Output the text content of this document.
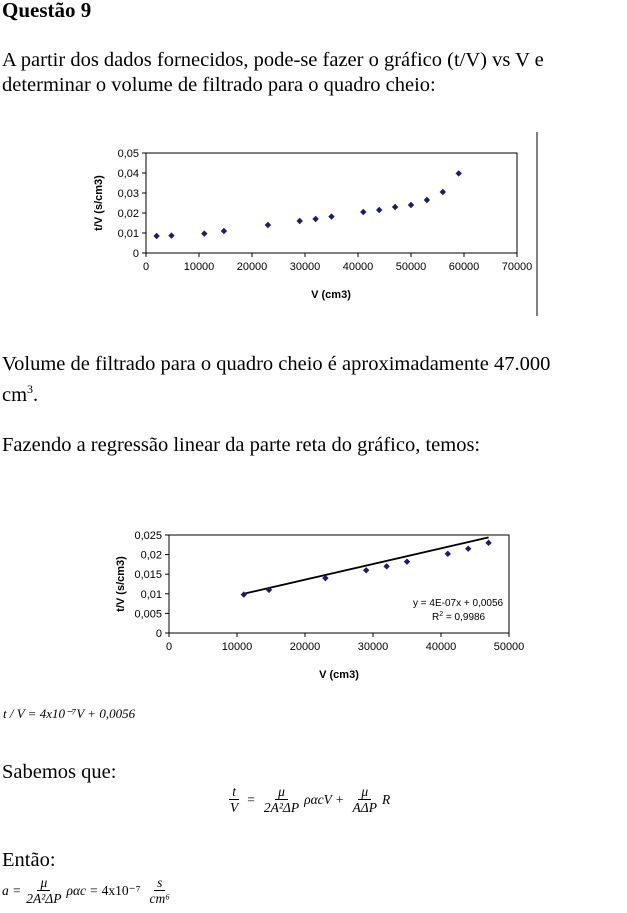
Questão 9
A partir dos dados fornecidos, pode-se fazer o gráfico (t/V) vs V e
determinar o volume de filtrado para o quadro cheio:
0
0,01
0,02
0,03
0,04
0,05
0	10000 20000 30000 40000 50000 60000 70000
t/V (s/cm3)
V (cm3)
Volume de filtrado para o quadro cheio é aproximadamente 47.000
$cm^3$.
Fazendo a regressão linear da parte reta do gráfico, temos:
0
0,005
0,01
0,015
0,02
0,025
0	10000	20000	30000	40000	50000
y = 4E-07x + 0,0056
$R^2 = 0,9986$
t/V (s/cm3)
V (cm3)
t / V = 4x10⁻⁷V + 0,0056
Sabemos que:
$\frac{t}{V} = \frac{\mu}{\text{2A²ΔP}}$ $\rho\alpha cV + \frac{\mu}{\text{AΔP}}$ R
Então:
$a = \frac{\mu}{\text{2A²ΔP}}$ $\rho\alpha c = 4x10^{-7} \frac{s}{\text{cm⁶}}$
